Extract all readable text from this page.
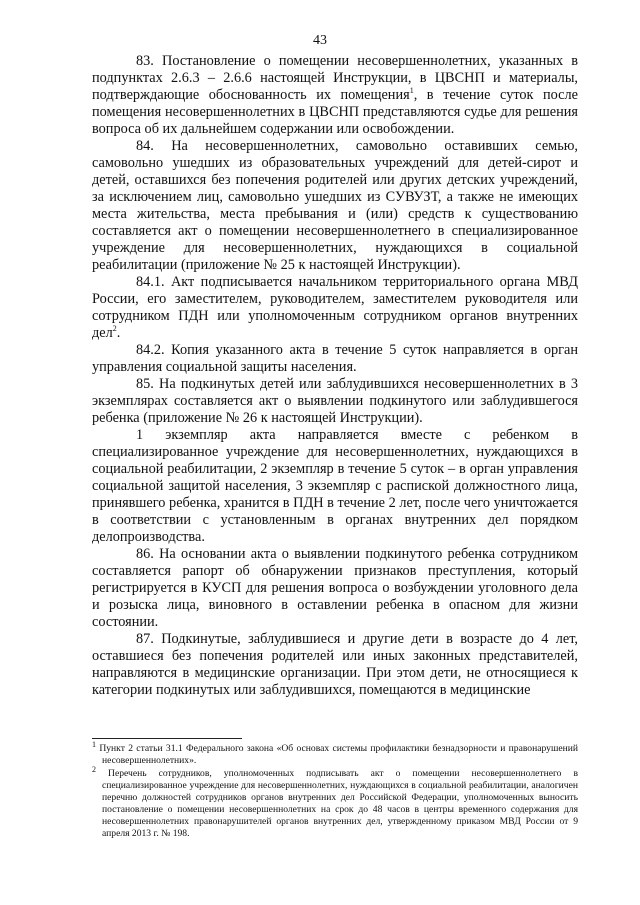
43

83. Постановление о помещении несовершеннолетних, указанных в подпунктах 2.6.3 – 2.6.6 настоящей Инструкции, в ЦВСНП и материалы, подтверждающие обоснованность их помещения$^1$, в течение суток после помещения несовершеннолетних в ЦВСНП представляются судье для решения вопроса об их дальнейшем содержании или освобождении.

84. На несовершеннолетних, самовольно оставивших семью, самовольно ушедших из образовательных учреждений для детей-сирот и детей, оставшихся без попечения родителей или других детских учреждений, за исключением лиц, самовольно ушедших из СУВУЗТ, а также не имеющих места жительства, места пребывания и (или) средств к существованию составляется акт о помещении несовершеннолетнего в специализированное учреждение для несовершеннолетних, нуждающихся в социальной реабилитации (приложение № 25 к настоящей Инструкции).

84.1. Акт подписывается начальником территориального органа МВД России, его заместителем, руководителем, заместителем руководителя или сотрудником ПДН или уполномоченным сотрудником органов внутренних дел$^2$.

84.2. Копия указанного акта в течение 5 суток направляется в орган управления социальной защиты населения.

85. На подкинутых детей или заблудившихся несовершеннолетних в 3 экземплярах составляется акт о выявлении подкинутого или заблудившегося ребенка (приложение № 26 к настоящей Инструкции).

1 экземпляр акта направляется вместе с ребенком в специализированное учреждение для несовершеннолетних, нуждающихся в социальной реабилитации, 2 экземпляр в течение 5 суток – в орган управления социальной защитой населения, 3 экземпляр с распиской должностного лица, принявшего ребенка, хранится в ПДН в течение 2 лет, после чего уничтожается в соответствии с установленным в органах внутренних дел порядком делопроизводства.

86. На основании акта о выявлении подкинутого ребенка сотрудником составляется рапорт об обнаружении признаков преступления, который регистрируется в КУСП для решения вопроса о возбуждении уголовного дела и розыска лица, виновного в оставлении ребенка в опасном для жизни состоянии.

87. Подкинутые, заблудившиеся и другие дети в возрасте до 4 лет, оставшиеся без попечения родителей или иных законных представителей, направляются в медицинские организации. При этом дети, не относящиеся к категории подкинутых или заблудившихся, помещаются в медицинские

$^1$ Пункт 2 статьи 31.1 Федерального закона «Об основах системы профилактики безнадзорности и правонарушений несовершеннолетних».

$^2$ Перечень сотрудников, уполномоченных подписывать акт о помещении несовершеннолетнего в специализированное учреждение для несовершеннолетних, нуждающихся в социальной реабилитации, аналогичен перечню должностей сотрудников органов внутренних дел Российской Федерации, уполномоченных выносить постановление о помещении несовершеннолетних на срок до 48 часов в центры временного содержания для несовершеннолетних правонарушителей органов внутренних дел, утвержденному приказом МВД России от 9 апреля 2013 г. № 198.
